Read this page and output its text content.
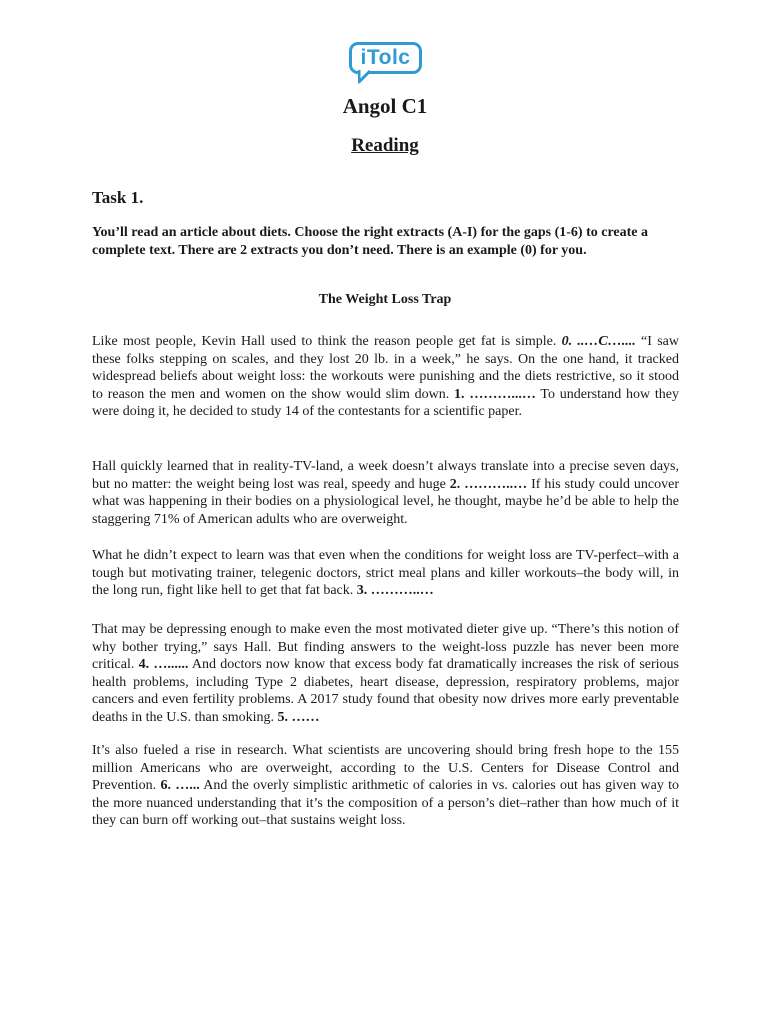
iTolc
Angol C1
Reading
Task 1.
You’ll read an article about diets. Choose the right extracts (A-I) for the gaps (1-6) to create a complete text. There are 2 extracts you don’t need. There is an example (0) for you.
The Weight Loss Trap

Like most people, Kevin Hall used to think the reason people get fat is simple. 0. ..…C….... “I saw these folks stepping on scales, and they lost 20 lb. in a week,” he says. On the one hand, it tracked widespread beliefs about weight loss: the workouts were punishing and the diets restrictive, so it stood to reason the men and women on the show would slim down. 1. ………...… To understand how they were doing it, he decided to study 14 of the contestants for a scientific paper.

Hall quickly learned that in reality-TV-land, a week doesn’t always translate into a precise seven days, but no matter: the weight being lost was real, speedy and huge 2. ………..… If his study could uncover what was happening in their bodies on a physiological level, he thought, maybe he’d be able to help the staggering 71% of American adults who are overweight.

What he didn’t expect to learn was that even when the conditions for weight loss are TV-perfect–with a tough but motivating trainer, telegenic doctors, strict meal plans and killer workouts–the body will, in the long run, fight like hell to get that fat back. 3. ………..…

That may be depressing enough to make even the most motivated dieter give up. “There’s this notion of why bother trying,” says Hall. But finding answers to the weight-loss puzzle has never been more critical. 4. …...... And doctors now know that excess body fat dramatically increases the risk of serious health problems, including Type 2 diabetes, heart disease, depression, respiratory problems, major cancers and even fertility problems. A 2017 study found that obesity now drives more early preventable deaths in the U.S. than smoking. 5. ……

It’s also fueled a rise in research. What scientists are uncovering should bring fresh hope to the 155 million Americans who are overweight, according to the U.S. Centers for Disease Control and Prevention. 6. …... And the overly simplistic arithmetic of calories in vs. calories out has given way to the more nuanced understanding that it’s the composition of a person’s diet–rather than how much of it they can burn off working out–that sustains weight loss.
